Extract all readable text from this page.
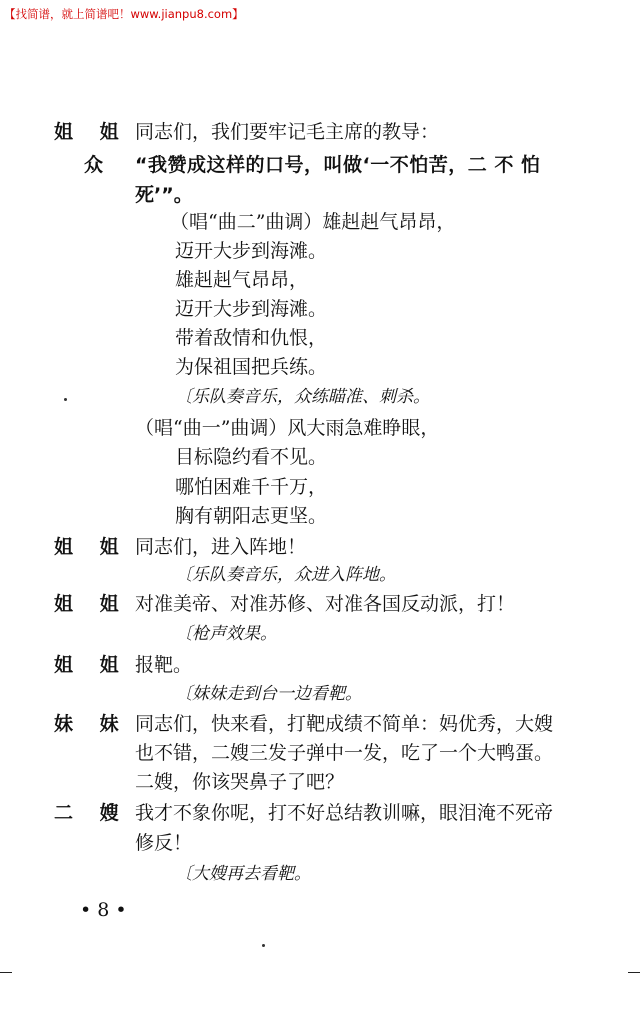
【找简谱，就上简谱吧！www.jianpu8.com】
姐 姐
众
姐 姐
姐 姐
姐 姐
妹 妹
二 嫂
同志们，我们要牢记毛主席的教导：
“我赞成这样的口号，叫做‘一不怕苦，二 不 怕
死’”。
（唱“曲二”曲调）雄赳赳气昂昂，
迈开大步到海滩。
雄赳赳气昂昂，
迈开大步到海滩。
带着敌情和仇恨，
为保祖国把兵练。
〔乐队奏音乐，众练瞄准、刺杀。
（唱“曲一”曲调）风大雨急难睁眼，
目标隐约看不见。
哪怕困难千千万，
胸有朝阳志更坚。
同志们，进入阵地！
〔乐队奏音乐，众进入阵地。
对准美帝、对准苏修、对准各国反动派，打！
〔枪声效果。
报靶。
〔妹妹走到台一边看靶。
同志们，快来看，打靶成绩不简单：妈优秀，大嫂
也不错，二嫂三发子弹中一发，吃了一个大鸭蛋。
二嫂，你该哭鼻子了吧？
我才不象你呢，打不好总结教训嘛，眼泪淹不死帝
修反！
〔大嫂再去看靶。
• 8 •
